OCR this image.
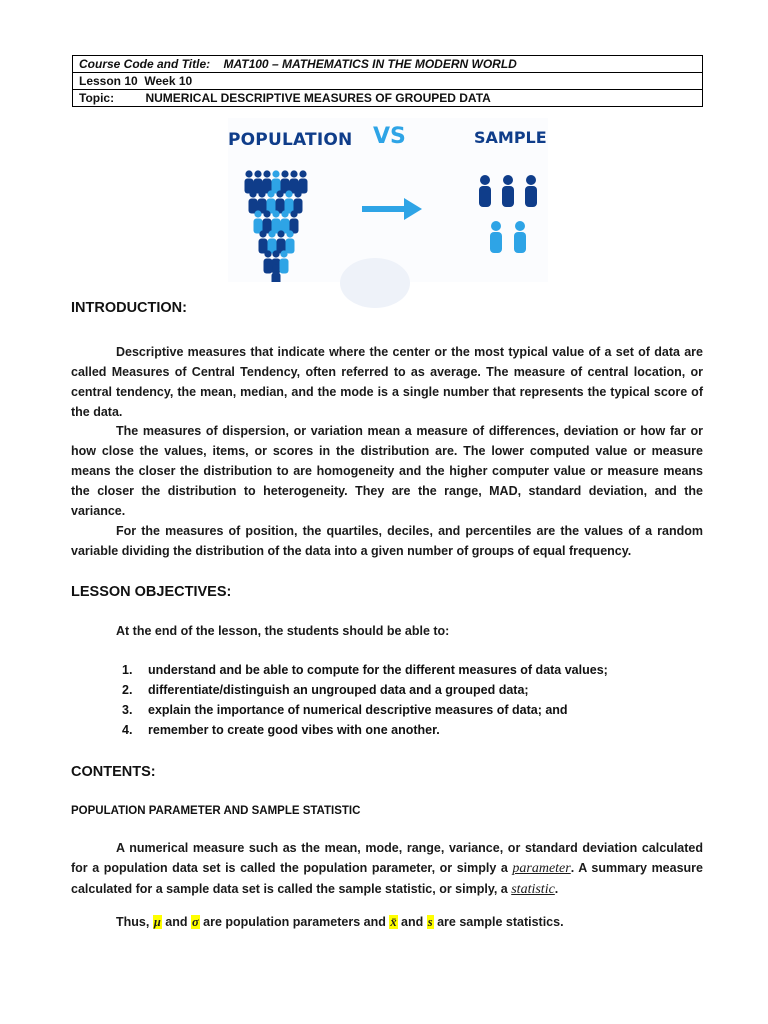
Course Code and Title: MAT100 – MATHEMATICS IN THE MODERN WORLD
Lesson 10 Week 10
Topic:	NUMERICAL DESCRIPTIVE MEASURES OF GROUPED DATA
POPULATION VS	SAMPLE
INTRODUCTION:

Descriptive measures that indicate where the center or the most typical value of a set of data are called Measures of Central Tendency, often referred to as average. The measure of central location, or central tendency, the mean, median, and the mode is a single number that represents the typical score of the data.

The measures of dispersion, or variation mean a measure of differences, deviation or how far or how close the values, items, or scores in the distribution are. The lower computed value or measure means the closer the distribution to are homogeneity and the higher computer value or measure means the closer the distribution to heterogeneity. They are the range, MAD, standard deviation, and the variance.

For the measures of position, the quartiles, deciles, and percentiles are the values of a random variable dividing the distribution of the data into a given number of groups of equal frequency.

LESSON OBJECTIVES:

At the end of the lesson, the students should be able to:

1.	understand and be able to compute for the different measures of data values;
2.	differentiate/distinguish an ungrouped data and a grouped data;
3.	explain the importance of numerical descriptive measures of data; and
4.	remember to create good vibes with one another.
CONTENTS:
POPULATION PARAMETER AND SAMPLE STATISTIC

A numerical measure such as the mean, mode, range, variance, or standard deviation calculated for a population data set is called the population parameter, or simply a parameter. A summary measure calculated for a sample data set is called the sample statistic, or simply, a statistic.

Thus, μ and σ are population parameters and x̄ and s are sample statistics.
